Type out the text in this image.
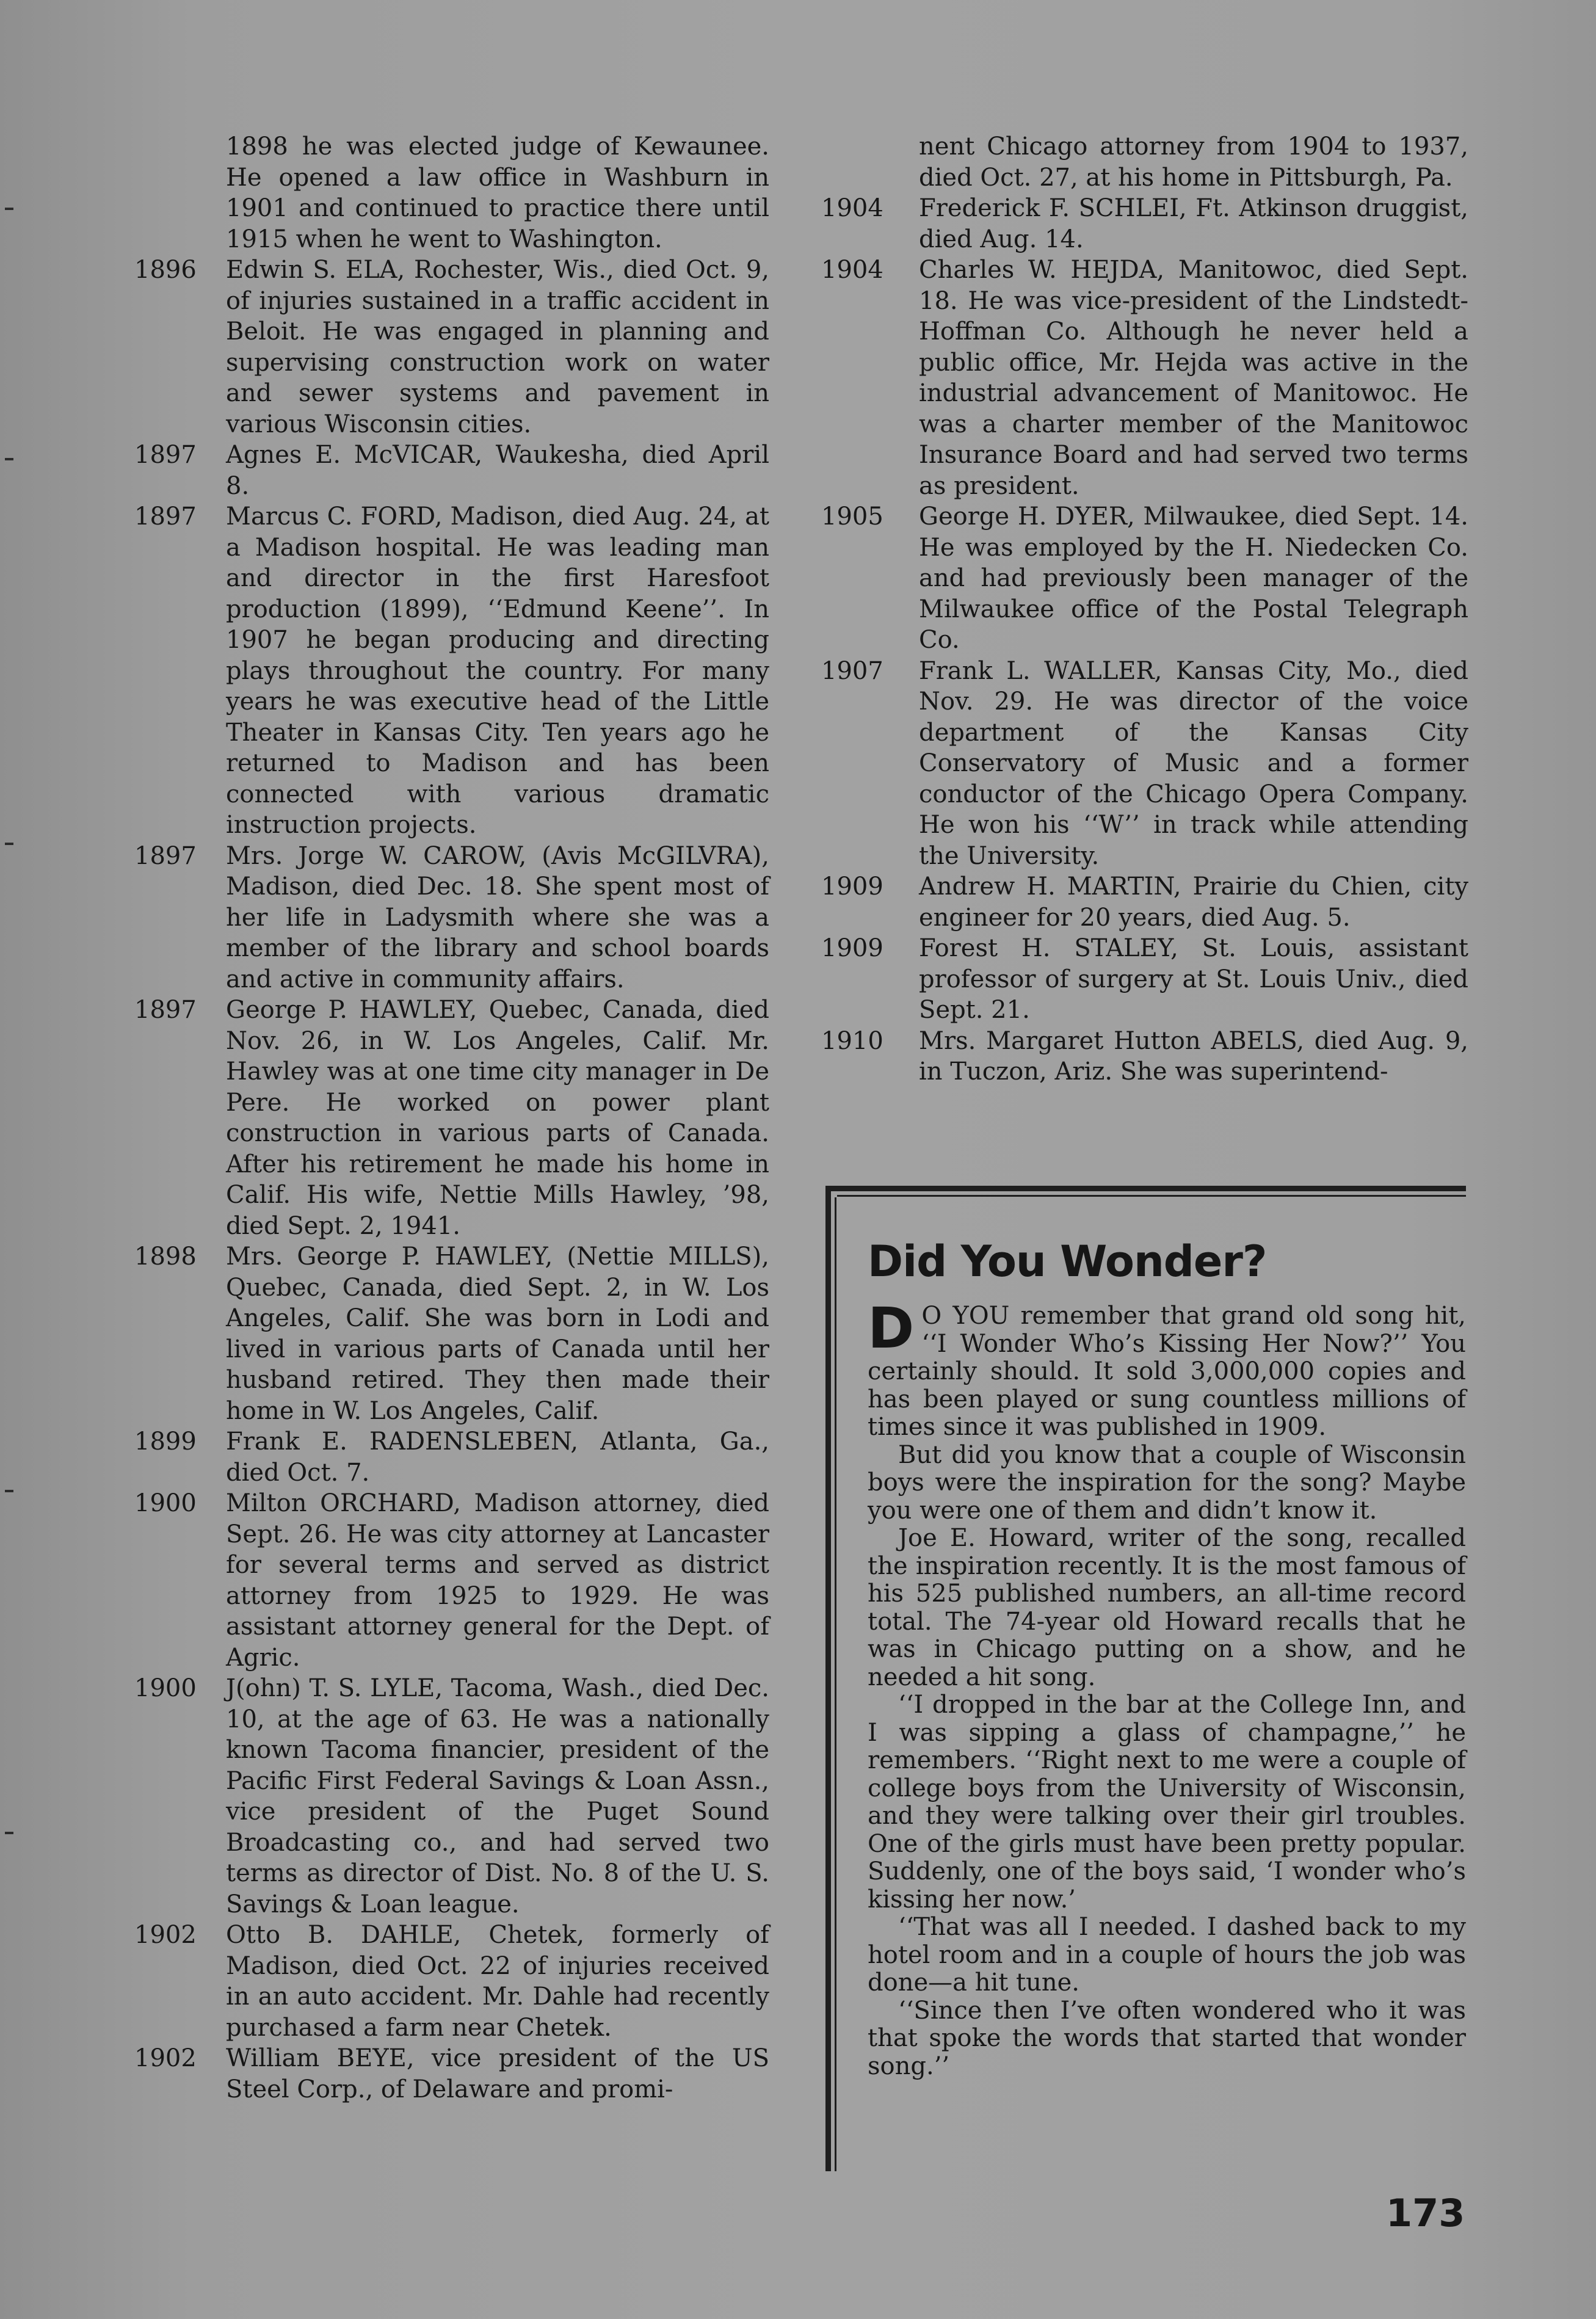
1898 he was elected judge of Kewaunee. He opened a law office in Washburn in 1901 and continued to practice there until 1915 when he went to Washington.

1896	Edwin S. ELA, Rochester, Wis., died Oct. 9, of injuries sustained in a traffic accident in Beloit. He was engaged in planning and supervising construction work on water and sewer systems and pavement in various Wisconsin cities.

1897	Agnes E. McVICAR, Waukesha, died April 8.

1897	Marcus C. FORD, Madison, died Aug. 24, at a Madison hospital. He was leading man and director in the first Haresfoot production (1899), ‘‘Edmund Keene’’. In 1907 he began producing and directing plays throughout the country. For many years he was executive head of the Little Theater in Kansas City. Ten years ago he returned to Madison and has been connected with various dramatic instruction projects.

1897	Mrs. Jorge W. CAROW, (Avis McGILVRA), Madison, died Dec. 18. She spent most of her life in Ladysmith where she was a member of the library and school boards and active in community affairs.

1897	George P. HAWLEY, Quebec, Canada, died Nov. 26, in W. Los Angeles, Calif. Mr. Hawley was at one time city manager in De Pere. He worked on power plant construction in various parts of Canada. After his retirement he made his home in Calif. His wife, Nettie Mills Hawley, ’98, died Sept. 2, 1941.

1898	Mrs. George P. HAWLEY, (Nettie MILLS), Quebec, Canada, died Sept. 2, in W. Los Angeles, Calif. She was born in Lodi and lived in various parts of Canada until her husband retired. They then made their home in W. Los Angeles, Calif.

1899	Frank E. RADENSLEBEN, Atlanta, Ga., died Oct. 7.

1900	Milton ORCHARD, Madison attorney, died Sept. 26. He was city attorney at Lancaster for several terms and served as district attorney from 1925 to 1929. He was assistant attorney general for the Dept. of Agric.

1900	J(ohn) T. S. LYLE, Tacoma, Wash., died Dec. 10, at the age of 63. He was a nationally known Tacoma financier, president of the Pacific First Federal Savings & Loan Assn., vice president of the Puget Sound Broadcasting co., and had served two terms as director of Dist. No. 8 of the U. S. Savings & Loan league.

1902	Otto B. DAHLE, Chetek, formerly of Madison, died Oct. 22 of injuries received in an auto accident. Mr. Dahle had recently purchased a farm near Chetek.

1902	William BEYE, vice president of the US Steel Corp., of Delaware and promi-

nent Chicago attorney from 1904 to 1937, died Oct. 27, at his home in Pittsburgh, Pa.

1904	Frederick F. SCHLEI, Ft. Atkinson druggist, died Aug. 14.

1904	Charles W. HEJDA, Manitowoc, died Sept. 18. He was vice-president of the Lindstedt-Hoffman Co. Although he never held a public office, Mr. Hejda was active in the industrial advancement of Manitowoc. He was a charter member of the Manitowoc Insurance Board and had served two terms as president.

1905	George H. DYER, Milwaukee, died Sept. 14. He was employed by the H. Niedecken Co. and had previously been manager of the Milwaukee office of the Postal Telegraph Co.

1907	Frank L. WALLER, Kansas City, Mo., died Nov. 29. He was director of the voice department of the Kansas City Conservatory of Music and a former conductor of the Chicago Opera Company. He won his ‘‘W’’ in track while attending the University.

1909	Andrew H. MARTIN, Prairie du Chien, city engineer for 20 years, died Aug. 5.

1909	Forest H. STALEY, St. Louis, assistant professor of surgery at St. Louis Univ., died Sept. 21.

1910	Mrs. Margaret Hutton ABELS, died Aug. 9, in Tuczon, Ariz. She was superintend-

Did You Wonder?

D O YOU remember that grand old song hit, ‘‘I Wonder Who’s Kissing Her Now?’’ You certainly should. It sold 3,000,000 copies and has been played or sung countless millions of times since it was published in 1909.

But did you know that a couple of Wisconsin boys were the inspiration for the song? Maybe you were one of them and didn’t know it.

Joe E. Howard, writer of the song, recalled the inspiration recently. It is the most famous of his 525 published numbers, an all-time record total. The 74-year old Howard recalls that he was in Chicago putting on a show, and he needed a hit song.

‘‘I dropped in the bar at the College Inn, and I was sipping a glass of champagne,’’ he remembers. ‘‘Right next to me were a couple of college boys from the University of Wisconsin, and they were talking over their girl troubles. One of the girls must have been pretty popular. Suddenly, one of the boys said, ‘I wonder who’s kissing her now.’

‘‘That was all I needed. I dashed back to my hotel room and in a couple of hours the job was done—a hit tune.

‘‘Since then I’ve often wondered who it was that spoke the words that started that wonder song.’’

173
